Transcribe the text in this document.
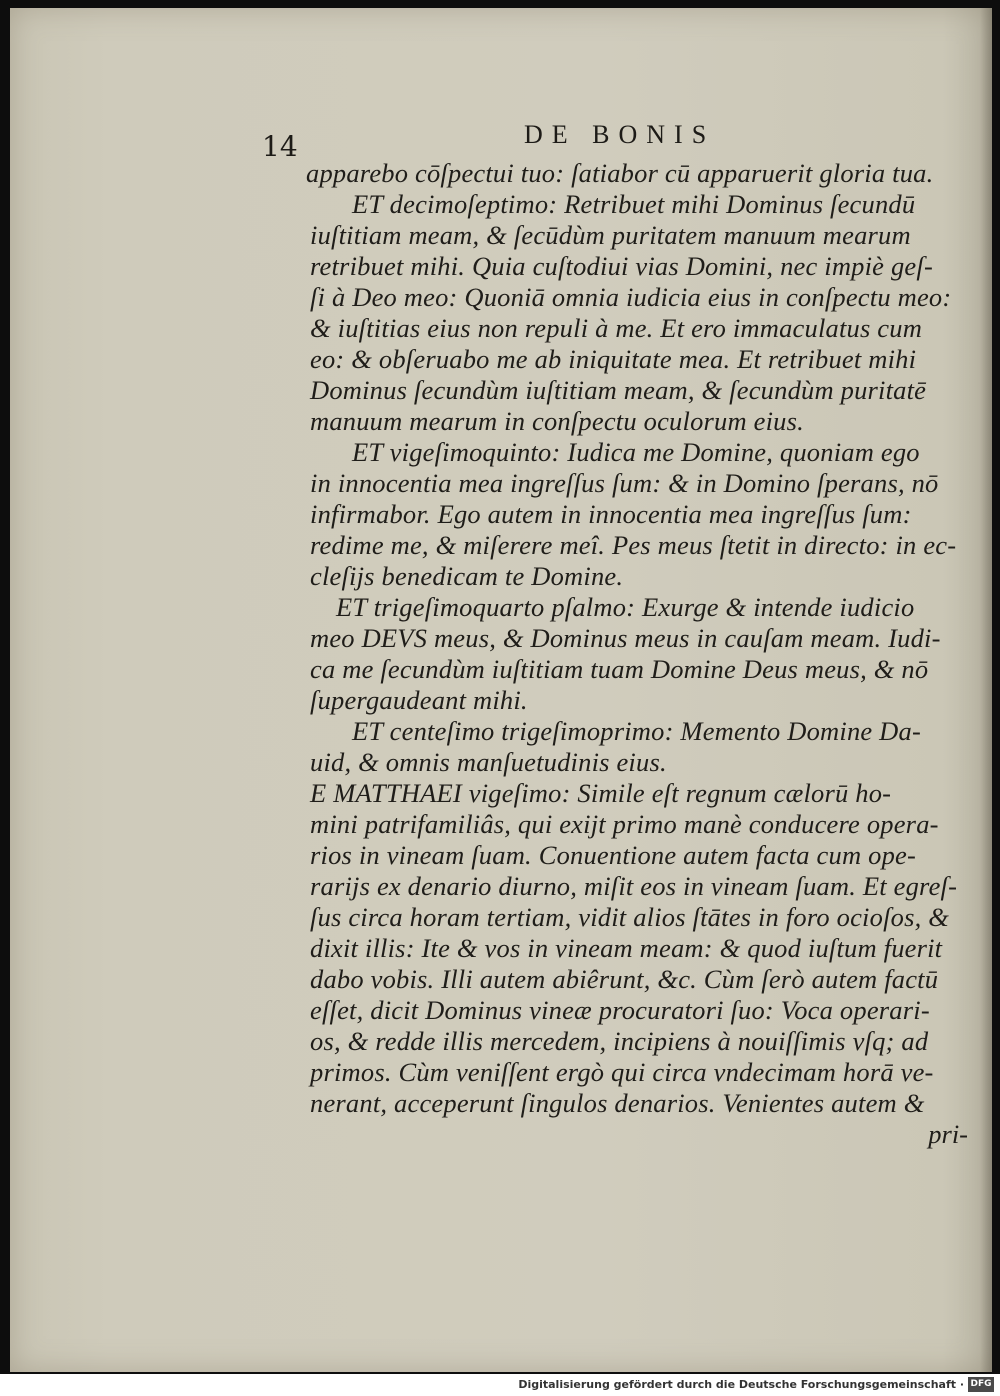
14	DE BONIS
apparebo cōſpectui tuo: ſatiabor cū apparuerit gloria tua.
ET decimoſeptimo: Retribuet mihi Dominus ſecundū
iuſtitiam meam, & ſecūdùm puritatem manuum mearum
retribuet mihi. Quia cuſtodiui vias Domini, nec impiè geſ-
ſi à Deo meo: Quoniā omnia iudicia eius in conſpectu meo:
& iuſtitias eius non repuli à me. Et ero immaculatus cum
eo: & obſeruabo me ab iniquitate mea. Et retribuet mihi
Dominus ſecundùm iuſtitiam meam, & ſecundùm puritatē
manuum mearum in conſpectu oculorum eius.
ET vigeſimoquinto: Iudica me Domine, quoniam ego
in innocentia mea ingreſſus ſum: & in Domino ſperans, nō
infirmabor. Ego autem in innocentia mea ingreſſus ſum:
redime me, & miſerere meî. Pes meus ſtetit in directo: in ec-
cleſijs benedicam te Domine.
ET trigeſimoquarto pſalmo: Exurge & intende iudicio
meo DEVS meus, & Dominus meus in cauſam meam. Iudi-
ca me ſecundùm iuſtitiam tuam Domine Deus meus, & nō
ſupergaudeant mihi.
ET centeſimo trigeſimoprimo: Memento Domine Da-
uid, & omnis manſuetudinis eius.
E MATTHAEI vigeſimo: Simile eſt regnum cælorū ho-
mini patrifamiliâs, qui exijt primo manè conducere opera-
rios in vineam ſuam. Conuentione autem facta cum ope-
rarijs ex denario diurno, miſit eos in vineam ſuam. Et egreſ-
ſus circa horam tertiam, vidit alios ſtātes in foro ocioſos, &
dixit illis: Ite & vos in vineam meam: & quod iuſtum fuerit
dabo vobis. Illi autem abiêrunt, &c. Cùm ſerò autem factū
eſſet, dicit Dominus vineæ procuratori ſuo: Voca operari-
os, & redde illis mercedem, incipiens à nouiſſimis vſq; ad
primos. Cùm veniſſent ergò qui circa vndecimam horā ve-
nerant, acceperunt ſingulos denarios. Venientes autem &
pri-
Digitalisierung gefördert durch die Deutsche Forschungsgemeinschaft · DFG
